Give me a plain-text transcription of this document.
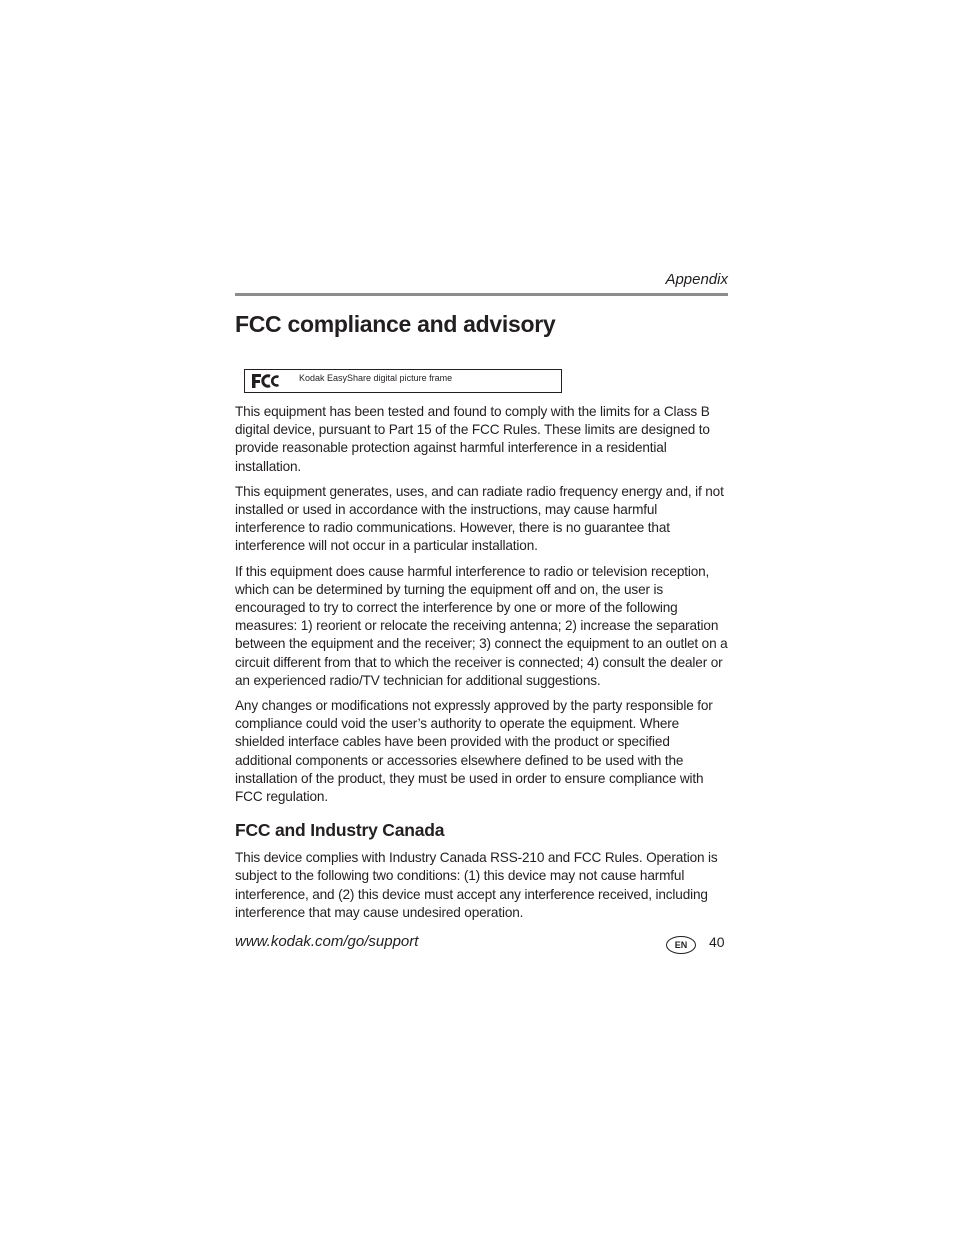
Appendix
FCC compliance and advisory
Kodak EasyShare digital picture frame

This equipment has been tested and found to comply with the limits for a Class B digital device, pursuant to Part 15 of the FCC Rules. These limits are designed to provide reasonable protection against harmful interference in a residential installation.

This equipment generates, uses, and can radiate radio frequency energy and, if not installed or used in accordance with the instructions, may cause harmful interference to radio communications. However, there is no guarantee that interference will not occur in a particular installation.

If this equipment does cause harmful interference to radio or television reception, which can be determined by turning the equipment off and on, the user is encouraged to try to correct the interference by one or more of the following measures: 1) reorient or relocate the receiving antenna; 2) increase the separation between the equipment and the receiver; 3) connect the equipment to an outlet on a circuit different from that to which the receiver is connected; 4) consult the dealer or an experienced radio/TV technician for additional suggestions.

Any changes or modifications not expressly approved by the party responsible for compliance could void the user’s authority to operate the equipment. Where shielded interface cables have been provided with the product or specified additional components or accessories elsewhere defined to be used with the installation of the product, they must be used in order to ensure compliance with FCC regulation.

FCC and Industry Canada

This device complies with Industry Canada RSS-210 and FCC Rules. Operation is subject to the following two conditions: (1) this device may not cause harmful interference, and (2) this device must accept any interference received, including interference that may cause undesired operation.

www.kodak.com/go/support	EN	40
